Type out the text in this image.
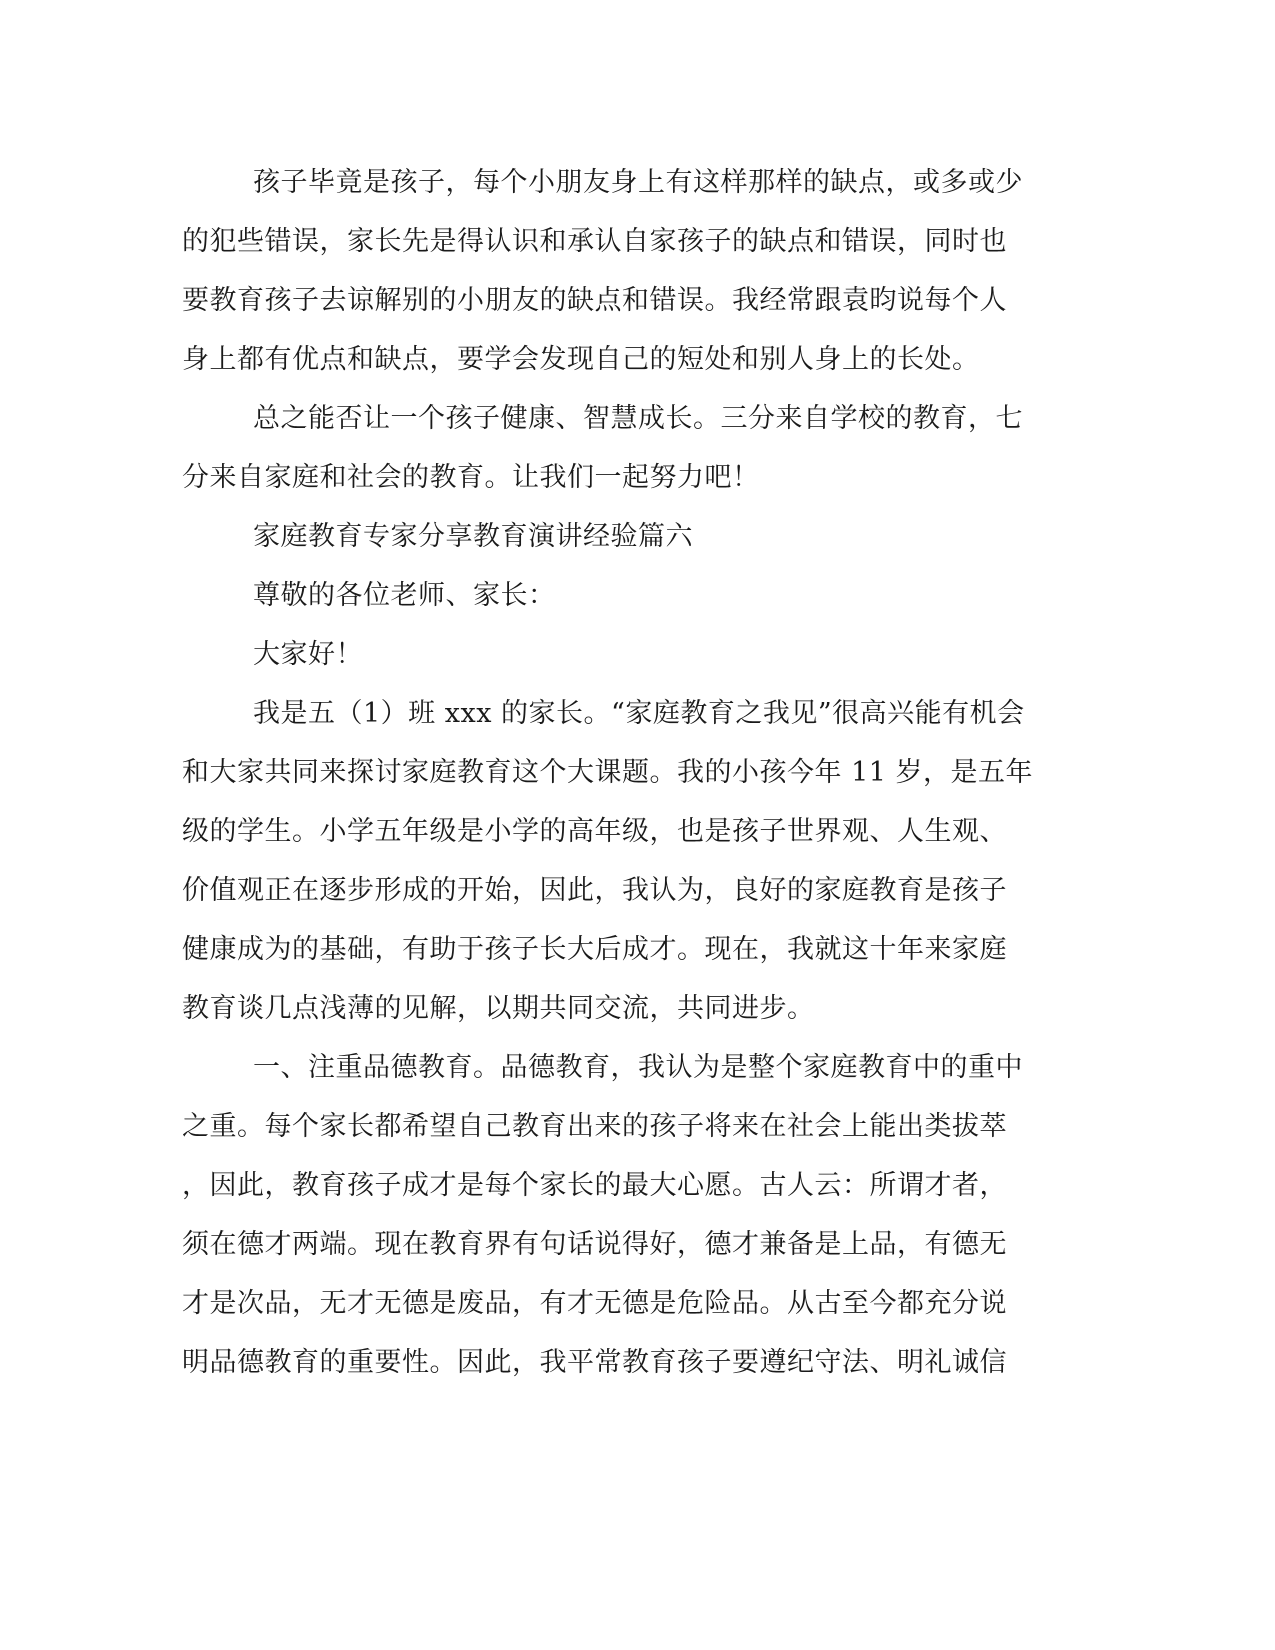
孩子毕竟是孩子，每个小朋友身上有这样那样的缺点，或多或少
的犯些错误，家长先是得认识和承认自家孩子的缺点和错误，同时也
要教育孩子去谅解别的小朋友的缺点和错误。我经常跟袁昀说每个人
身上都有优点和缺点，要学会发现自己的短处和别人身上的长处。
总之能否让一个孩子健康、智慧成长。三分来自学校的教育，七
分来自家庭和社会的教育。让我们一起努力吧！
家庭教育专家分享教育演讲经验篇六
尊敬的各位老师、家长：
大家好！
我是五（1）班 xxx 的家长。“家庭教育之我见”很高兴能有机会
和大家共同来探讨家庭教育这个大课题。我的小孩今年 11 岁，是五年
级的学生。小学五年级是小学的高年级，也是孩子世界观、人生观、
价值观正在逐步形成的开始，因此，我认为，良好的家庭教育是孩子
健康成为的基础，有助于孩子长大后成才。现在，我就这十年来家庭
教育谈几点浅薄的见解，以期共同交流，共同进步。
一、注重品德教育。品德教育，我认为是整个家庭教育中的重中
之重。每个家长都希望自己教育出来的孩子将来在社会上能出类拔萃
，因此，教育孩子成才是每个家长的最大心愿。古人云：所谓才者，
须在德才两端。现在教育界有句话说得好，德才兼备是上品，有德无
才是次品，无才无德是废品，有才无德是危险品。从古至今都充分说
明品德教育的重要性。因此，我平常教育孩子要遵纪守法、明礼诚信
